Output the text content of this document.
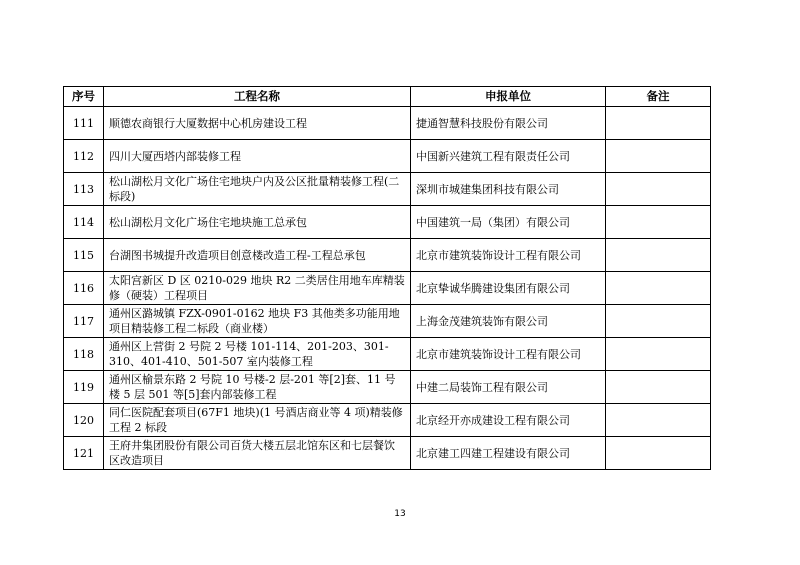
序号	工程名称	申报单位	备注
111	顺德农商银行大厦数据中心机房建设工程	捷通智慧科技股份有限公司	
112	四川大厦西塔内部装修工程	中国新兴建筑工程有限责任公司	
113	松山湖松月文化广场住宅地块户内及公区批量精装修工程(二标段)	深圳市城建集团科技有限公司	
114	松山湖松月文化广场住宅地块施工总承包	中国建筑一局（集团）有限公司	
115	台湖图书城提升改造项目创意楼改造工程-工程总承包	北京市建筑装饰设计工程有限公司	
116	太阳宫新区 D 区 0210-029 地块 R2 二类居住用地车库精装修（硬装）工程项目	北京挚诚华腾建设集团有限公司	
117	通州区潞城镇 FZX-0901-0162 地块 F3 其他类多功能用地项目精装修工程二标段（商业楼）	上海金茂建筑装饰有限公司	
118	通州区上营街 2 号院 2 号楼 101-114、201-203、301-310、401-410、501-507 室内装修工程	北京市建筑装饰设计工程有限公司	
119	通州区榆景东路 2 号院 10 号楼-2 层-201 等[2]套、11 号楼 5 层 501 等[5]套内部装修工程	中建二局装饰工程有限公司	
120	同仁医院配套项目(67F1 地块)(1 号酒店商业等 4 项)精装修工程 2 标段	北京经开亦成建设工程有限公司	
121	王府井集团股份有限公司百货大楼五层北馆东区和七层餐饮区改造项目	北京建工四建工程建设有限公司	
13
